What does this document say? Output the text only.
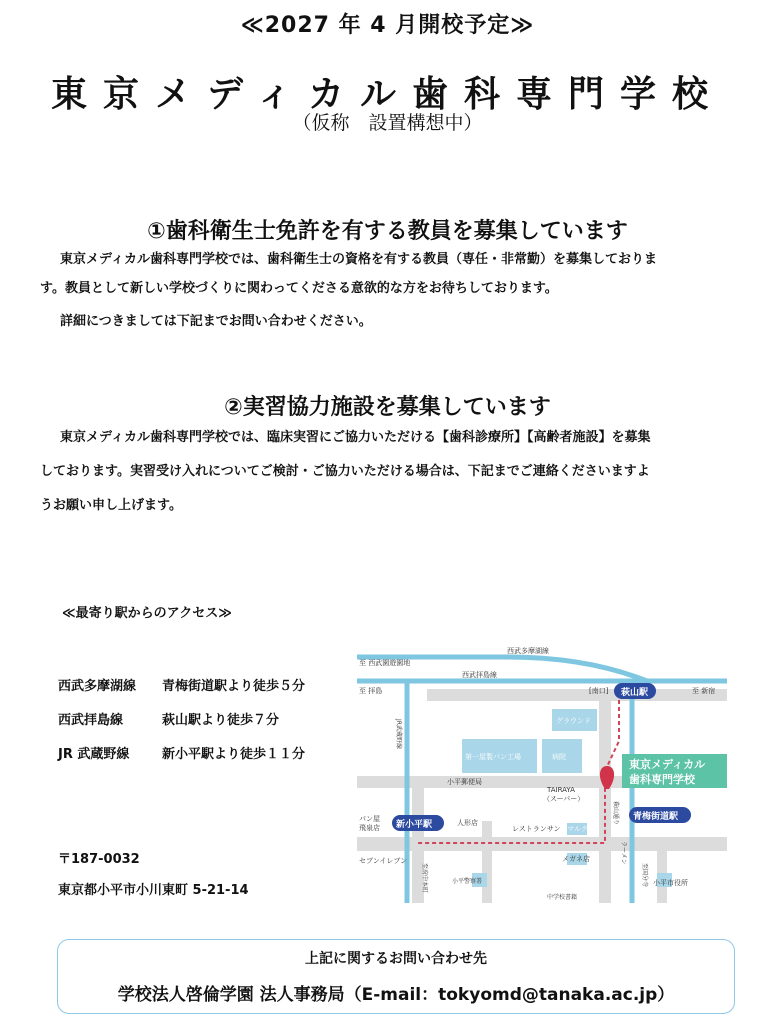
≪2027 年 4 月開校予定≫
東京メディカル歯科専門学校
（仮称　設置構想中）
①歯科衛生士免許を有する教員を募集しています
東京メディカル歯科専門学校では、歯科衛生士の資格を有する教員（専任・非常勤）を募集しておりま
す。教員として新しい学校づくりに関わってくださる意欲的な方をお待ちしております。
詳細につきましては下記までお問い合わせください。
②実習協力施設を募集しています
東京メディカル歯科専門学校では、臨床実習にご協力いただける【歯科診療所】【高齢者施設】を募集
しております。実習受け入れについてご検討・ご協力いただける場合は、下記までご連絡くださいますよ
うお願い申し上げます。
≪最寄り駅からのアクセス≫
西武多摩湖線 青梅街道駅より徒歩５分
西武拝島線	萩山駅より徒歩７分
JR 武蔵野線	新小平駅より徒歩１１分
〒187-0032
東京都小平市小川東町 5-21-14
西武多摩湖線
至 西武園遊園地
西武拝島線
至 拝島	[南口] 萩山駅	至 新宿
JR武蔵野線	グラウンド
第一屋製パン工場	病院
東京メディカル
歯科専門学校
小平郵便局
TAIRAYA
（スーパー）
萩山通り
パン屋
飛泉店 新小平駅	人形店
レストランサン マルク
青梅街道駅
メガネ店
セブンイレブン
至府中本町	小平警察署
中学校書籍
至国分寺 小平市役所
ラーメン
上記に関するお問い合わせ先
学校法人啓倫学園 法人事務局（E-mail：tokyomd@tanaka.ac.jp）
